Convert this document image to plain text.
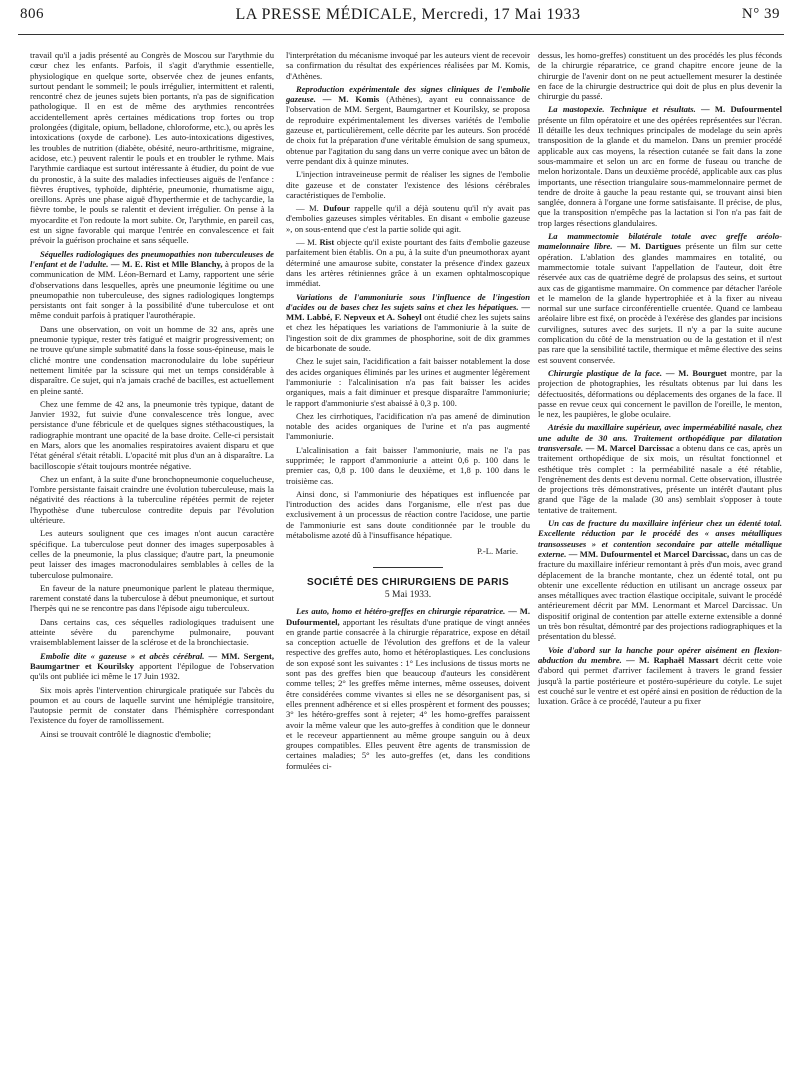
806	LA PRESSE MÉDICALE, Mercredi, 17 Mai 1933	N° 39

travail qu'il a jadis présenté au Congrès de Moscou sur l'arythmie du cœur chez les enfants. Parfois, il s'agit d'arythmie essentielle, physiologique en quelque sorte, observée chez de jeunes enfants, surtout pendant le sommeil; le pouls irrégulier, intermittent et ralenti, rencontré chez de jeunes sujets bien portants, n'a pas de signification pathologique. Il en est de même des arythmies rencontrées accidentellement après certaines médications trop fortes ou trop prolongées (digitale, opium, belladone, chloroforme, etc.), ou après les intoxications (oxyde de carbone). Les auto-intoxications digestives, les troubles de nutrition (diabète, obésité, neuro-arthritisme, migraine, acidose, etc.) peuvent ralentir le pouls et en troubler le rythme. Mais l'arythmie cardiaque est surtout intéressante à étudier, du point de vue du pronostic, à la suite des maladies infectieuses aiguës de l'enfance : fièvres éruptives, typhoïde, diphtérie, pneumonie, rhumatisme aigu, oreillons. Après une phase aiguë d'hyperthermie et de tachycardie, la fièvre tombe, le pouls se ralentit et devient irrégulier. On pense à la myocardite et l'on redoute la mort subite. Or, l'arythmie, en pareil cas, est un signe favorable qui marque l'entrée en convalescence et fait prévoir la guérison prochaine et sans séquelle.

Séquelles radiologiques des pneumopathies non tuberculeuses de l'enfant et de l'adulte. — M. E. Rist et Mlle Blanchy, à propos de la communication de MM. Léon-Bernard et Lamy, rapportent une série d'observations dans lesquelles, après une pneumonie légitime ou une pneumopathie non tuberculeuse, des signes radiologiques longtemps persistants ont fait songer à la possibilité d'une tuberculose et ont même conduit parfois à pratiquer l'aurothérapie.

Dans une observation, on voit un homme de 32 ans, après une pneumonie typique, rester très fatigué et maigrir progressivement; on ne trouve qu'une simple submatité dans la fosse sous-épineuse, mais le cliché montre une condensation macronodulaire du lobe supérieur nettement limitée par la scissure qui met un temps considérable à disparaître. Ce sujet, qui n'a jamais craché de bacilles, est actuellement en pleine santé.

Chez une femme de 42 ans, la pneumonie très typique, datant de Janvier 1932, fut suivie d'une convalescence très longue, avec persistance d'une fébricule et de quelques signes stéthacoustiques, la radiographie montrant une opacité de la base droite. Celle-ci persistait en Mars, alors que les anomalies respiratoires avaient disparu et que l'état général s'était rétabli. L'opacité mit plus d'un an à disparaître. La bacilloscopie s'était toujours montrée négative.

Chez un enfant, à la suite d'une bronchopneumonie coquelucheuse, l'ombre persistante faisait craindre une évolution tuberculeuse, mais la négativité des réactions à la tuberculine répétées permit de rejeter l'hypothèse d'une tuberculose contredite depuis par l'évolution ultérieure.

Les auteurs soulignent que ces images n'ont aucun caractère spécifique. La tuberculose peut donner des images superposables à celles de la pneumonie, la plus classique; d'autre part, la pneumonie peut laisser des images macronodulaires semblables à celles de la tuberculose pulmonaire.

En faveur de la nature pneumonique parlent le plateau thermique, rarement constaté dans la tuberculose à début pneumonique, et surtout l'herpès qui ne se rencontre pas dans l'épisode aigu tuberculeux.

Dans certains cas, ces séquelles radiologiques traduisent une atteinte sévère du parenchyme pulmonaire, pouvant vraisemblablement laisser de la sclérose et de la bronchiectasie.

Embolie dite « gazeuse » et abcès cérébral. — MM. Sergent, Baumgartner et Kourilsky apportent l'épilogue de l'observation qu'ils ont publiée ici même le 17 Juin 1932.

Six mois après l'intervention chirurgicale pratiquée sur l'abcès du poumon et au cours de laquelle survint une hémiplégie transitoire, l'autopsie permit de constater dans l'hémisphère correspondant l'existence du foyer de ramollissement.

Ainsi se trouvait contrôlé le diagnostic d'embolie;

l'interprétation du mécanisme invoqué par les auteurs vient de recevoir sa confirmation du résultat des expériences réalisées par M. Komis, d'Athènes.

Reproduction expérimentale des signes cliniques de l'embolie gazeuse. — M. Komis (Athènes), ayant eu connaissance de l'observation de MM. Sergent, Baumgartner et Kourilsky, se proposa de reproduire expérimentalement les diverses variétés de l'embolie gazeuse et, particulièrement, celle décrite par les auteurs. Son procédé de choix fut la préparation d'une véritable émulsion de sang spumeux, obtenue par l'agitation du sang dans un verre conique avec un bâton de verre pendant dix à quinze minutes.

L'injection intraveineuse permit de réaliser les signes de l'embolie dite gazeuse et de constater l'existence des lésions cérébrales caractéristiques de l'embolie.

— M. Dufour rappelle qu'il a déjà soutenu qu'il n'y avait pas d'embolies gazeuses simples véritables. En disant « embolie gazeuse », on sous-entend que c'est la partie solide qui agit.

— M. Rist objecte qu'il existe pourtant des faits d'embolie gazeuse parfaitement bien établis. On a pu, à la suite d'un pneumothorax ayant déterminé une amaurose subite, constater la présence d'index gazeux dans les artères rétiniennes grâce à un examen ophtalmoscopique immédiat.

Variations de l'ammoniurie sous l'influence de l'ingestion d'acides ou de bases chez les sujets sains et chez les hépatiques. — MM. Labbé, F. Nepveux et A. Soheyl ont étudié chez les sujets sains et chez les hépatiques les variations de l'ammoniurie à la suite de l'ingestion soit de dix grammes de phosphorine, soit de dix grammes de bicarbonate de soude.

Chez le sujet sain, l'acidification a fait baisser notablement la dose des acides organiques éliminés par les urines et augmenter légèrement l'ammoniurie : l'alcalinisation n'a pas fait baisser les acides organiques, mais a fait diminuer et presque disparaître l'ammoniurie; le rapport d'ammoniurie s'est abaissé à 0,3 p. 100.

Chez les cirrhotiques, l'acidification n'a pas amené de diminution notable des acides organiques de l'urine et n'a pas augmenté l'ammoniurie.

L'alcalinisation a fait baisser l'ammoniurie, mais ne l'a pas supprimée; le rapport d'ammoniurie a atteint 0,6 p. 100 dans le premier cas, 0,8 p. 100 dans le deuxième, et 1,8 p. 100 dans le troisième cas.

Ainsi donc, si l'ammoniurie des hépatiques est influencée par l'introduction des acides dans l'organisme, elle n'est pas due exclusivement à un processus de réaction contre l'acidose, une partie de l'ammoniurie est sans doute conditionnée par le trouble du métabolisme azoté dû à l'insuffisance hépatique.

P.-L. Marie.

SOCIÉTÉ DES CHIRURGIENS DE PARIS

5 Mai 1933.

Les auto, homo et hétéro-greffes en chirurgie réparatrice. — M. Dufourmentel, apportant les résultats d'une pratique de vingt années en grande partie consacrée à la chirurgie réparatrice, expose en détail sa conception actuelle de l'évolution des greffons et de la valeur respective des greffes auto, homo et hétéroplastiques. Les conclusions de son exposé sont les suivantes : 1° Les inclusions de tissus morts ne sont pas des greffes bien que beaucoup d'auteurs les considèrent comme telles; 2° les greffes même internes, même osseuses, doivent être considérées comme vivantes si elles ne se désorganisent pas, si elles prennent adhérence et si elles prospèrent et forment des pousses; 3° les hétéro-greffes sont à rejeter; 4° les homo-greffes paraissent avoir la même valeur que les auto-greffes à condition que le donneur et le receveur appartiennent au même groupe sanguin ou à deux groupes compatibles. Elles peuvent être agents de transmission de certaines maladies; 5° les auto-greffes (et, dans les conditions formulées ci-

dessus, les homo-greffes) constituent un des procédés les plus féconds de la chirurgie réparatrice, ce grand chapitre encore jeune de la chirurgie de l'avenir dont on ne peut actuellement mesurer la destinée en face de la chirurgie destructrice qui doit de plus en plus devenir la chirurgie du passé.

La mastopexie. Technique et résultats. — M. Dufourmentel présente un film opératoire et une des opérées représentées sur l'écran. Il détaille les deux techniques principales de modelage du sein après transposition de la glande et du mamelon. Dans un premier procédé applicable aux cas moyens, la résection cutanée se fait dans la zone sous-mammaire et selon un arc en forme de fuseau ou tranche de melon horizontale. Dans un deuxième procédé, applicable aux cas plus importants, une résection triangulaire sous-mammelonnaire permet de tendre de droite à gauche la peau restante qui, se trouvant ainsi bien sanglée, donnera à l'organe une forme satisfaisante. Il précise, de plus, que la transposition n'empêche pas la lactation si l'on n'a pas fait de trop larges résections glandulaires.

La mammectomie bilatérale totale avec greffe aréolo-mamelonnaire libre. — M. Dartigues présente un film sur cette opération. L'ablation des glandes mammaires en totalité, ou mammectomie totale suivant l'appellation de l'auteur, doit être réservée aux cas de quatrième degré de prolapsus des seins, et surtout aux cas de gigantisme mammaire. On commence par détacher l'aréole et le mamelon de la glande hypertrophiée et à la fixer au niveau normal sur une surface circonférentielle cruentée. Quand ce lambeau aréolaire libre est fixé, on procède à l'exérèse des glandes par incisions curvilignes, sutures avec des surjets. Il n'y a par la suite aucune complication du côté de la menstruation ou de la gestation et il n'est pas rare que la sensibilité tactile, thermique et même élective des seins est souvent conservée.

Chirurgie plastique de la face. — M. Bourguet montre, par la projection de photographies, les résultats obtenus par lui dans les défectuosités, déformations ou déplacements des organes de la face. Il passe en revue ceux qui concernent le pavillon de l'oreille, le menton, le nez, les paupières, le globe oculaire.

Atrésie du maxillaire supérieur, avec imperméabilité nasale, chez une adulte de 30 ans. Traitement orthopédique par dilatation transversale. — M. Marcel Darcissac a obtenu dans ce cas, après un traitement orthopédique de six mois, un résultat fonctionnel et esthétique très complet : la perméabilité nasale a été rétablie, l'engrènement des dents est devenu normal. Cette observation, illustrée de projections très démonstratives, présente un intérêt d'autant plus grand que l'âge de la malade (30 ans) semblait s'opposer à toute tentative de traitement.

Un cas de fracture du maxillaire inférieur chez un édenté total. Excellente réduction par le procédé des « anses métalliques transosseuses » et contention secondaire par attelle métallique externe. — MM. Dufourmentel et Marcel Darcissac, dans un cas de fracture du maxillaire inférieur remontant à près d'un mois, avec grand déplacement de la branche montante, chez un édenté total, ont pu obtenir une excellente réduction en utilisant un ancrage osseux par anses métalliques avec traction élastique occipitale, suivant le procédé antérieurement décrit par MM. Lenormant et Marcel Darcissac. Un dispositif original de contention par attelle externe extensible a donné un très bon résultat, démontré par des projections radiographiques et la présentation du blessé.

Voie d'abord sur la hanche pour opérer aisément en flexion-abduction du membre. — M. Raphaël Massart décrit cette voie d'abord qui permet d'arriver facilement à travers le grand fessier jusqu'à la partie postérieure et postéro-supérieure du cotyle. Le sujet est couché sur le ventre et est opéré ainsi en position de réduction de la luxation. Grâce à ce procédé, l'auteur a pu fixer
